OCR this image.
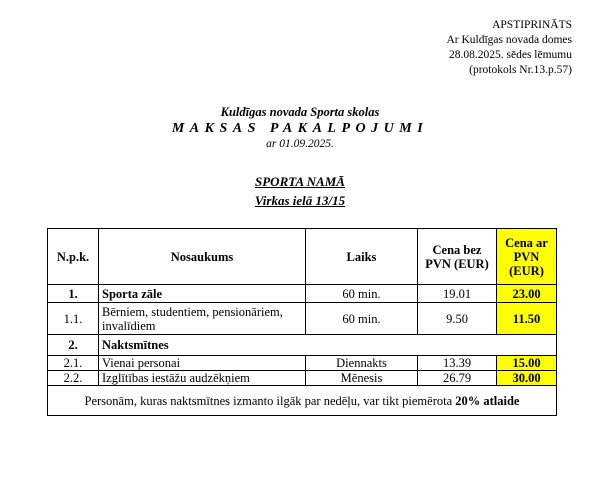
APSTIPRINĀTS
Ar Kuldīgas novada domes
28.08.2025. sēdes lēmumu
(protokols Nr.13.p.57)
Kuldīgas novada Sporta skolas
MAKSAS PAKALPOJUMI
ar 01.09.2025.
SPORTA NAMĀ
Virkas ielā 13/15
N.p.k.	Nosaukums	Laiks	Cena bez PVN (EUR)	Cena ar PVN (EUR)
1.	Sporta zāle	60 min.	19.01	23.00
1.1.	Bērniem, studentiem, pensionāriem, invalīdiem	60 min.	9.50	11.50
2.	Naktsmītnes			
2.1.	Vienai personai	Diennakts	13.39	15.00
2.2.	Izglītības iestāžu audzēkņiem	Mēnesis	26.79	30.00
Personām, kuras naktsmītnes izmanto ilgāk par nedēļu, var tikt piemērota 20% atlaide				
